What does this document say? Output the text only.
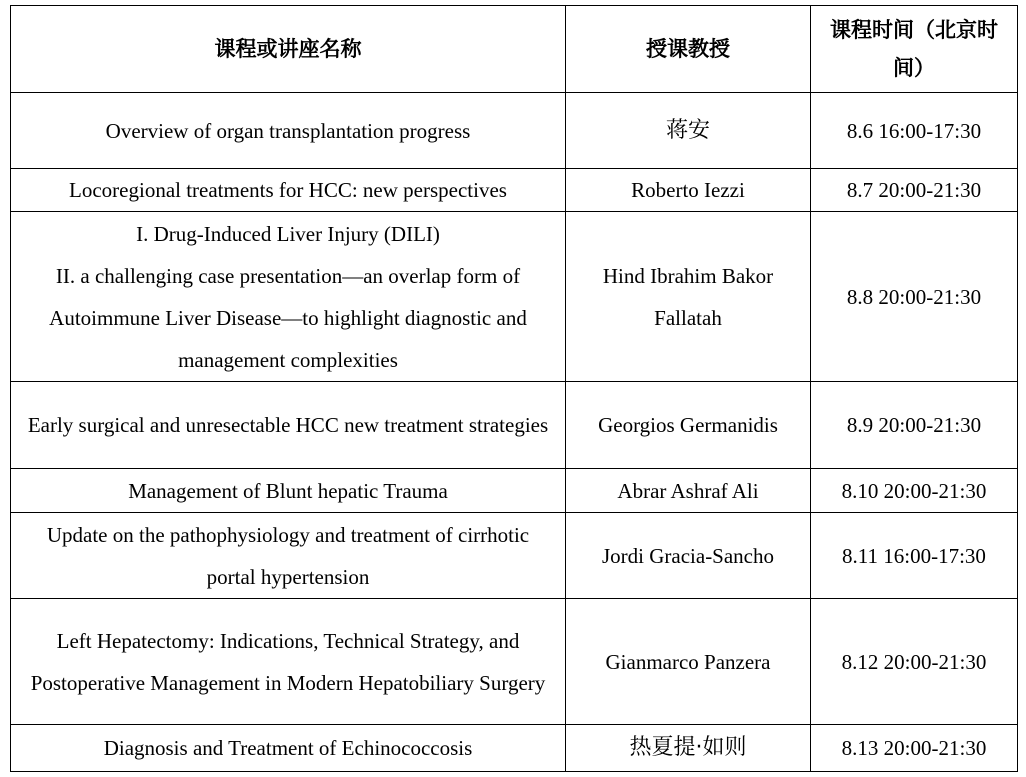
课程或讲座名称	授课教授	课程时间（北京时间）

Overview of organ transplantation progress	蒋安	8.6 16:00-17:30

Locoregional treatments for HCC: new perspectives	Roberto Iezzi	8.7 20:00-21:30

I. Drug-Induced Liver Injury (DILI)
II. a challenging case presentation—an overlap form of Autoimmune Liver Disease—to highlight diagnostic and management complexities	Hind Ibrahim Bakor Fallatah	8.8 20:00-21:30

Early surgical and unresectable HCC new treatment strategies	Georgios Germanidis	8.9 20:00-21:30

Management of Blunt hepatic Trauma	Abrar Ashraf Ali	8.10 20:00-21:30

Update on the pathophysiology and treatment of cirrhotic portal hypertension	Jordi Gracia-Sancho	8.11 16:00-17:30

Left Hepatectomy: Indications, Technical Strategy, and Postoperative Management in Modern Hepatobiliary Surgery	Gianmarco Panzera	8.12 20:00-21:30

Diagnosis and Treatment of Echinococcosis	热夏提·如则	8.13 20:00-21:30
